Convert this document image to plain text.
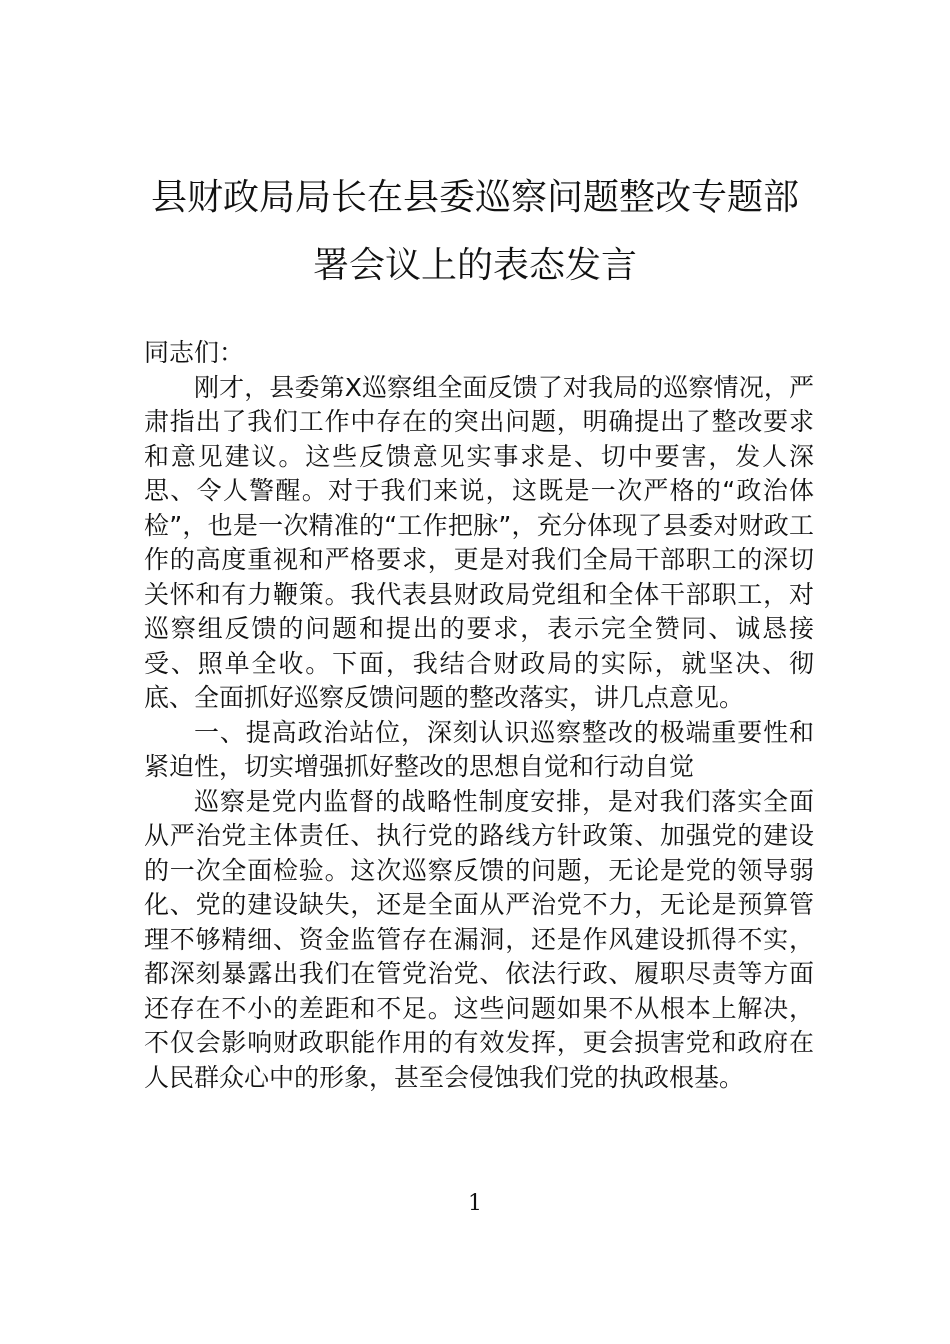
县财政局局长在县委巡察问题整改专题部
署会议上的表态发言

同志们：

刚才，县委第X巡察组全面反馈了对我局的巡察情况，严肃指出了我们工作中存在的突出问题，明确提出了整改要求和意见建议。这些反馈意见实事求是、切中要害，发人深思、令人警醒。对于我们来说，这既是一次严格的“政治体检”，也是一次精准的“工作把脉”，充分体现了县委对财政工作的高度重视和严格要求，更是对我们全局干部职工的深切关怀和有力鞭策。我代表县财政局党组和全体干部职工，对巡察组反馈的问题和提出的要求，表示完全赞同、诚恳接受、照单全收。下面，我结合财政局的实际，就坚决、彻底、全面抓好巡察反馈问题的整改落实，讲几点意见。

一、提高政治站位，深刻认识巡察整改的极端重要性和紧迫性，切实增强抓好整改的思想自觉和行动自觉

巡察是党内监督的战略性制度安排，是对我们落实全面从严治党主体责任、执行党的路线方针政策、加强党的建设的一次全面检验。这次巡察反馈的问题，无论是党的领导弱化、党的建设缺失，还是全面从严治党不力，无论是预算管理不够精细、资金监管存在漏洞，还是作风建设抓得不实，都深刻暴露出我们在管党治党、依法行政、履职尽责等方面还存在不小的差距和不足。这些问题如果不从根本上解决，不仅会影响财政职能作用的有效发挥，更会损害党和政府在人民群众心中的形象，甚至会侵蚀我们党的执政根基。

1
